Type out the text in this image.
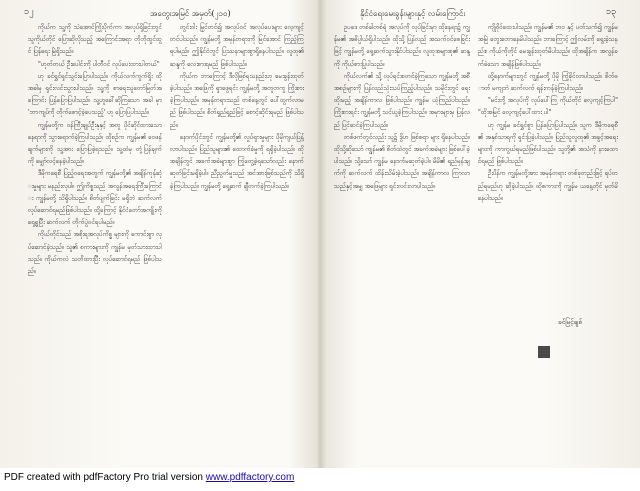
၁၂	အတွေးအမြင် အမှတ်(၂၁၀)

ကိုယ်က သူ့ကို သဲအောင်ကြိုးပိုက်ကာ အလုပ်ရှိခြင်းတွင် သူကိုယ်တိုင် ပြောဆိုလိုသည့် အကြောင်းအရာ တိုတိုထွင်ထွင် ပြန်ရေး မြဲရှိသည်။

"ဟုတ်တယ် ဦးပေါင်းကို ပါတီဝင် လုပ်ပေးထားပါတယ်"

ဟု ခင်ရွှင်ရှင်သွင်းပြောပါသည်။ ကိုယ်လက်ကွက်ရှိုး ထိုအခါမှ ရှင်းလင်းသွားပါသည်။ သူ့ကို စာရေးသူတော်မြတ်အကြောင်း ပြန်ပြောပြပါသည်။ သူ့ဟူခေါ်ဆိုကြသော အခါ မှာ 'ဘာကျပ်ကို တိုက်စောင့်ခဲ့ပေသည့်' ဟု ပြောပြပါသည်။

ကျွန်မတို့က ဝန်ကြီးချုပ်ဦးနုနှင့် အတူ ပိုင်ဆိုင်ထားသော နေရာကို သွားရောက်ခဲ့ကြပါသည်။ ထိုစဉ်က ကျွန်မ၏ ဝေဖန်ချက်များကို သူ့အား ပြောပြခဲ့ရသည်။ သူ့ထံမှ တုံ့ပြန်ချက် ကို မျှော်လင့်နေခဲ့ပါသည်။

ဒီမိုကရေစီ ပြည့်ဝရေးအတွက် ကျွန်မတို့၏ အချိန်ကုန်ဆုံးမှုများ မနည်းလှပါ။ ဤကိစ္စသည် အလွန်အရေးကြီးကြောင်း ကျွန်မတို့ သိရှိပါသည်။ စိတ်ပျက်ခြင်း မရှိဘဲ ဆက်လက် လုပ်ဆောင်ရမည်ဖြစ်ပါသည်။ ထို့ကြောင့် နိုင်ငံတော်အကျိုးကို ရှေ့ရှုပြီး ဆက်လက် တိုက်ပွဲဝင်ရပါမည်။

ကိုယ်တိုင်သည် အစိုးရအလုပ်ကိစ္စ များကို ကောင်းစွာ လုပ်ဆောင်ခဲ့သည်။ သူ၏ စကားများကို ကျွန်မ မှတ်သားထားပါသည်။ ကိုယ်ကလဲ သတိထားပြီး လုပ်ဆောင်ရမည် ဖြစ်ပါသည်။

တွင်းဝါး မြှင်တင်၍ အလုပ်ဝင် အလုပ်ပေးများ လေ့ကျင့်တင်ပါသည်။ ကျွန်မတို့ အမှန်တရားကို မြင်အောင် ကြည့်ကြရပါမည်။ ဤနိုင်ငံတွင် ပြဿနာများစွာရှိနေပါသည်။ လူထု၏ ဆန္ဒကို လေးစားရမည် ဖြစ်ပါသည်။

ကိုယ်က ဘာကြောင့် ဒီလိုဖြစ်ရသနည်းဟု မေးခွန်းထုတ်ခဲ့ပါသည်။ အဖြေကို ရှာဖွေရင်း ကျွန်မတို့ အတူတကွ ကြိုးစားခဲ့ကြပါသည်။ အမှန်တရားသည် တစ်နေ့တွင် ပေါ်ထွက်လာမည် ဖြစ်ပါသည်။ စိတ်ရှည်ရှည်ဖြင့် စောင့်ဆိုင်းရမည် ဖြစ်ပါသည်။

နောက်ပိုင်းတွင် ကျွန်မတို့၏ လှုပ်ရှားမှုများ ပိုမိုကျယ်ပြန့်လာပါသည်။ ပြည်သူများ၏ ထောက်ခံမှုကို ရရှိခဲ့ပါသည်။ ထိုအချိန်တွင် အခက်အခဲများစွာ ကြုံတွေ့ခဲ့ရသော်လည်း နောက်ဆုတ်ခြင်းမရှိခဲ့ပါ။ ညီညွတ်မှုသည် အင်အားဖြစ်သည်ကို သိရှိခဲ့ကြပါသည်။ ကျွန်မတို့ ရှေ့ဆက် ချီတက်ခဲ့ကြပါသည်။

နိုင်ငံရေးမေးခွန်းများနှင့် လမ်းကြောင်း	၁၃

ဥပဒေ တစ်ခါတစ်ရံ အလုပ်ကို လုပ်ခြင်းမှာ ထိုနေရာ၌ ကျွန်မ၏ အဓိပ္ပါယ်ရှိပါသည်။ ထိုသို့ ပြန်လည် အသက်ဝင်စေခြင်းဖြင့် ကျွန်မတို့ ရှေ့ဆက်သွားနိုင်ပါသည်။ လူထုအများစု၏ ဆန္ဒကို ကိုယ်စားပြုပါသည်။

ကိုယ်လက်၏ သို့ လုပ်ရင်းစတင်ခဲ့ကြသော ကျွန်မတို့ အစီအစဉ်များကို ပြန်လည်သုံးသပ်ကြည့်ပါသည်။ သမိုင်းတွင် ရေးထိုးမည့် အချိန်ကာလ ဖြစ်ပါသည်။ ကျွန်မ ယုံကြည်ပါသည်။ ကြိုးစားရင်း ကျွန်မတို့ သင်ယူခဲ့ကြပါသည်။ အမှားများမှ ပြန်လည် ပြင်ဆင်ခဲ့ကြပါသည်။

တစ်ဖက်တွင်လည်း သူ၌ ဒွိဟ ဖြစ်စရာ များ ရှိနေပါသည်။ ထိုသို့ဆိုသော် ကျွန်မ၏ စိတ်ထဲတွင် အခက်အခဲများ ဖြစ်ပေါ်ခဲ့ပါသည်။ သို့သော် ကျွန်မ နောက်မဆုတ်ခဲ့ပါ။ မိမိ၏ ရည်မှန်းချက်ကို ဆက်လက် ထိန်းသိမ်းခဲ့ပါသည်။ အချိန်ကာလ ကြာလာသည်နှင့်အမျှ အဖြေများ ရှင်းလင်းလာပါသည်။

ကျိုဝိုဝ်ထေးပါသည်။ ကျွန်မ၏ ဘဝ နှင့် ပတ်သက်၍ ကျွန်မ အမြဲ တွေးတောနေမိပါသည်။ ဘာကြောင့် ဤလမ်းကို ရွေးခဲ့သနည်း။ ကိုယ်ကိုတိုင် မေးခွန်းထုတ်မိပါသည်။ ထိုအချိန်က အလွန်ခက်ခဲသော အချိန်ဖြစ်ပါသည်။

ထို့နောက်များတွင် ကျွန်မတို့ ပိုမို ကြံ့ခိုင်လာပါသည်။ စိတ်ဓာတ် မကျဘဲ ဆက်လက် ရုန်းကန်ခဲ့ကြပါသည်။

"မင်းတို့ အလုပ်ကို လုပ်ပေါ်ကြ ကိုယ်တိုင် လေ့ကျင့်ကြပါ" "ထိုအမြင် လေ့ကျင့်ပေါ်ထား ပါ"

ဟု ကျွန်မ ခင်ရွှင်စွာ ပြန်ပြောပြပါသည်။ သူက ဒီမိုကရေစီ ၏ အနှစ်သာရကို ရှင်းပြခဲ့ပါသည်။ ပြည်သူလူထု၏ အခွင့်အရေးများကို ကာကွယ်ရမည်ဖြစ်ပါသည်။ သူတို့၏ အသံကို နားထောင်ရမည် ဖြစ်ပါသည်။

ဦးပိန်က ကျွန်မတို့အား အမှန်တရား တစ်ခုတည်းဖြင့် ရပ်တည်ရမည်ဟု ဆိုခဲ့ပါသည်။ ထိုစကားကို ကျွန်မ ယနေ့တိုင် မှတ်မိနေပါသည်။

ခင်မြင့်ချစ်
PDF created with pdfFactory Pro trial version www.pdffactory.com
